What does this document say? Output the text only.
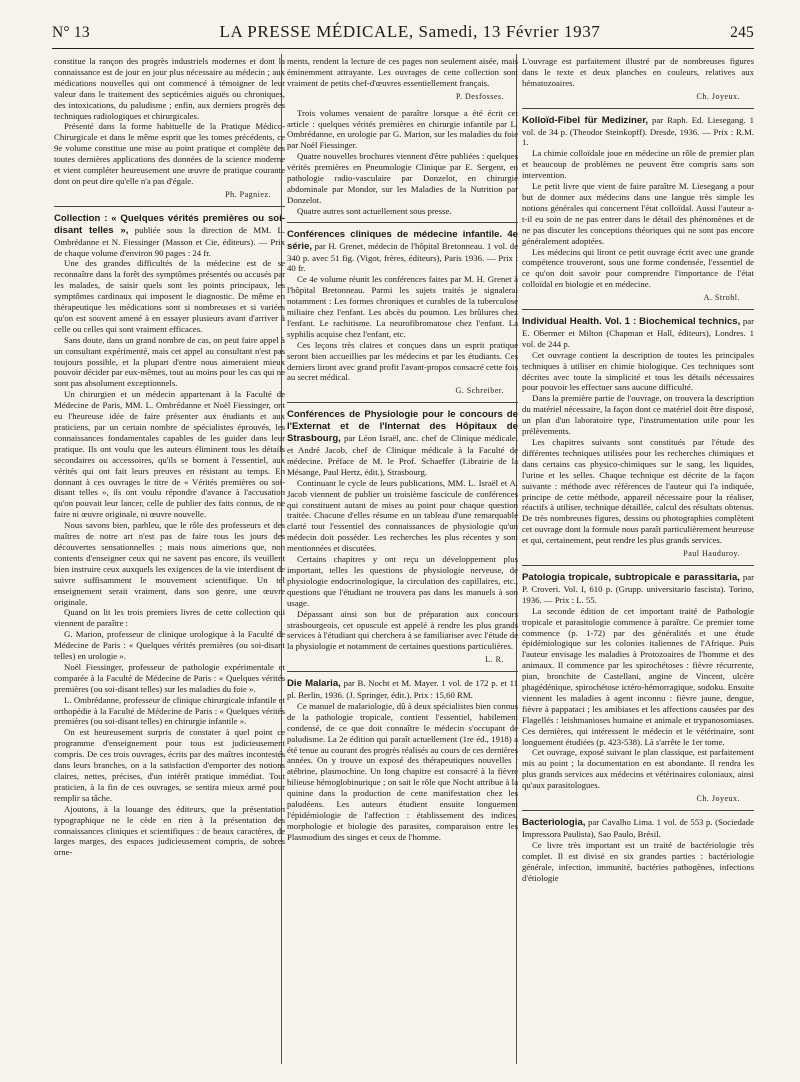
N° 13	LA PRESSE MÉDICALE, Samedi, 13 Février 1937	245

constitue la rançon des progrès industriels modernes et dont la connaissance est de jour en jour plus nécessaire au médecin ; aux médications nouvelles qui ont commencé à témoigner de leur valeur dans le traitement des septicémies aiguës ou chroniques, des intoxications, du paludisme ; enfin, aux derniers progrès des techniques radiologiques et chirurgicales.

Présenté dans la forme habituelle de la Pratique Médico-Chirurgicale et dans le même esprit que les tomes précédents, ce 9e volume constitue une mise au point pratique et complète des toutes dernières applications des données de la science moderne et vient compléter heureusement une œuvre de pratique courante dont on peut dire qu'elle n'a pas d'égale.

Ph. Pagniez.

Collection : « Quelques vérités premières ou soi-disant telles », publiée sous la direction de MM. L. Ombrédanne et N. Fiessinger (Masson et Cie, éditeurs). — Prix de chaque volume d'environ 90 pages : 24 fr.

Une des grandes difficultés de la médecine est de se reconnaître dans la forêt des symptômes présentés ou accusés par les malades, de saisir quels sont les points principaux, les symptômes cardinaux qui imposent le diagnostic. De même en thérapeutique les médications sont si nombreuses et si variées qu'on est souvent amené à en essayer plusieurs avant d'arriver à celle ou celles qui sont vraiment efficaces.

Sans doute, dans un grand nombre de cas, on peut faire appel à un consultant expérimenté, mais cet appel au consultant n'est pas toujours possible, et la plupart d'entre nous aimeraient mieux pouvoir décider par eux-mêmes, tout au moins pour les cas qui ne sont pas absolument exceptionnels.

Un chirurgien et un médecin appartenant à la Faculté de Médecine de Paris, MM. L. Ombrédanne et Noël Fiessinger, ont eu l'heureuse idée de faire présenter aux étudiants et aux praticiens, par un certain nombre de spécialistes éprouvés, les connaissances fondamentales capables de les guider dans leur pratique. Ils ont voulu que les auteurs éliminent tous les détails secondaires ou accessoires, qu'ils se bornent à l'essentiel, aux vérités qui ont fait leurs preuves en résistant au temps. En donnant à ces ouvrages le titre de « Vérités premières ou soi-disant telles », ils ont voulu répondre d'avance à l'accusation qu'on pouvait leur lancer, celle de publier des faits connus, de ne faire ni œuvre originale, ni œuvre nouvelle.

Nous savons bien, parbleu, que le rôle des professeurs et des maîtres de notre art n'est pas de faire tous les jours des découvertes sensationnelles ; mais nous aimerions que, non contents d'enseigner ceux qui ne savent pas encore, ils veuillent bien instruire ceux auxquels les exigences de la vie interdisent de suivre suffisamment le mouvement scientifique. Un tel enseignement serait vraiment, dans son genre, une œuvre originale.

Quand on lit les trois premiers livres de cette collection qui viennent de paraître :

G. Marion, professeur de clinique urologique à la Faculté de Médecine de Paris : « Quelques vérités premières (ou soi-disant telles) en urologie ».

Noël Fiessinger, professeur de pathologie expérimentale et comparée à la Faculté de Médecine de Paris : « Quelques vérités premières (ou soi-disant telles) sur les maladies du foie ».

L. Ombrédanne, professeur de clinique chirurgicale infantile et orthopédie à la Faculté de Médecine de Paris : « Quelques vérités premières (ou soi-disant telles) en chirurgie infantile ».

On est heureusement surpris de constater à quel point ce programme d'enseignement pour tous est judicieusement compris. De ces trois ouvrages, écrits par des maîtres incontestés dans leurs branches, on a la satisfaction d'emporter des notions claires, nettes, précises, d'un intérêt pratique immédiat. Tout praticien, à la fin de ces ouvrages, se sentira mieux armé pour remplir sa tâche.

Ajoutons, à la louange des éditeurs, que la présentation typographique ne le cède en rien à la présentation des connaissances cliniques et scientifiques : de beaux caractères, de larges marges, des espaces judicieusement compris, de sobres orne-

ments, rendent la lecture de ces pages non seulement aisée, mais éminemment attrayante. Les ouvrages de cette collection sont vraiment de petits chef-d'œuvres essentiellement français.

P. Desfosses.

Trois volumes venaient de paraître lorsque a été écrit cet article : quelques vérités premières en chirurgie infantile par L. Ombrédanne, en urologie par G. Marion, sur les maladies du foie par Noël Fiessinger.

Quatre nouvelles brochures viennent d'être publiées : quelques vérités premières en Pneumologie Clinique par E. Sergent, en pathologie radio-vasculaire par Donzelot, en chirurgie abdominale par Mondor, sur les Maladies de la Nutrition par Donzelot.

Quatre autres sont actuellement sous presse.

Conférences cliniques de médecine infantile. 4e série, par H. Grenet, médecin de l'hôpital Bretonneau. 1 vol. de 340 p. avec 51 fig. (Vigot, frères, éditeurs), Paris 1936. — Prix : 40 fr.

Ce 4e volume réunit les conférences faites par M. H. Grenet à l'hôpital Bretonneau. Parmi les sujets traités je signalerai notamment : Les formes chroniques et curables de la tuberculose miliaire chez l'enfant. Les abcès du poumon. Les brûlures chez l'enfant. Le rachitisme. La neurofibromatose chez l'enfant. La syphilis acquise chez l'enfant, etc.

Ces leçons très claires et conçues dans un esprit pratique seront bien accueillies par les médecins et par les étudiants. Ces derniers liront avec grand profit l'avant-propos consacré cette fois au secret médical.

G. Schreiber.

Conférences de Physiologie pour le concours de l'Externat et de l'Internat des Hôpitaux de Strasbourg, par Léon Israël, anc. chef de Clinique médicale, et André Jacob, chef de Clinique médicale à la Faculté de médecine. Préface de M. le Prof. Schaeffer (Librairie de la Mésange, Paul Hertz, édit.), Strasbourg.

Continuant le cycle de leurs publications, MM. L. Israël et A. Jacob viennent de publier un troisième fascicule de conférences qui constituent autant de mises au point pour chaque question traitée. Chacune d'elles résume en un tableau d'une remarquable clarté tout l'essentiel des connaissances de physiologie qu'un médecin doit posséder. Les recherches les plus récentes y sont mentionnées et discutées.

Certains chapitres y ont reçu un développement plus important, telles les questions de physiologie nerveuse, de physiologie endocrinologique, la circulation des capillaires, etc., questions que l'étudiant ne trouvera pas dans les manuels à son usage.

Dépassant ainsi son but de préparation aux concours strasbourgeois, cet opuscule est appelé à rendre les plus grands services à l'étudiant qui cherchera à se familiariser avec l'étude de la physiologie et notamment de certaines questions particulières.

L. R.

Die Malaria, par B. Nocht et M. Mayer. 1 vol. de 172 p. et 11 pl. Berlin, 1936. (J. Springer, édit.). Prix : 15,60 RM.

Ce manuel de malariologie, dû à deux spécialistes bien connus de la pathologie tropicale, contient l'essentiel, habilement condensé, de ce que doit connaître le médecin s'occupant de paludisme. La 2e édition qui paraît actuellement (1re éd., 1918) a été tenue au courant des progrès réalisés au cours de ces dernières années. On y trouve un exposé des thérapeutiques nouvelles : atébrine, plasmochine. Un long chapitre est consacré à la fièvre bilieuse hémoglobinurique ; on sait le rôle que Nocht attribue à la quinine dans la production de cette manifestation chez les paludéens. Les auteurs étudient ensuite longuement l'épidémiologie de l'affection : établissement des indices, morphologie et biologie des parasites, comparaison entre les Plasmodium des singes et ceux de l'homme.

L'ouvrage est parfaitement illustré par de nombreuses figures dans le texte et deux planches en couleurs, relatives aux hématozoaires.

Ch. Joyeux.

Kolloïd-Fibel für Mediziner, par Raph. Ed. Liesegang. 1 vol. de 34 p. (Theodor Steinkopff). Dresde, 1936. — Prix : R.M. 1.

La chimie colloïdale joue en médecine un rôle de premier plan et beaucoup de problèmes ne peuvent être compris sans son intervention.

Le petit livre que vient de faire paraître M. Liesegang a pour but de donner aux médecins dans une langue très simple les notions générales qui concernent l'état colloïdal. Aussi l'auteur a-t-il eu soin de ne pas entrer dans le détail des phénomènes et de ne pas discuter les conceptions théoriques qui ne sont pas encore généralement adoptées.

Les médecins qui liront ce petit ouvrage écrit avec une grande compétence trouveront, sous une forme condensée, l'essentiel de ce qu'on doit savoir pour comprendre l'importance de l'état colloïdal en biologie et en médecine.

A. Strohl.

Individual Health. Vol. 1 : Biochemical technics, par E. Obermer et Milton (Chapman et Hall, éditeurs), Londres. 1 vol. de 244 p.

Cet ouvrage contient la description de toutes les principales techniques à utiliser en chimie biologique. Ces techniques sont décrites avec toute la simplicité et tous les détails nécessaires pour pouvoir les effectuer sans aucune difficulté.

Dans la première partie de l'ouvrage, on trouvera la description du matériel nécessaire, la façon dont ce matériel doit être disposé, un plan d'un laboratoire type, l'instrumentation utile pour les prélèvements.

Les chapitres suivants sont constitués par l'étude des différentes techniques utilisées pour les recherches chimiques et dans certains cas physico-chimiques sur le sang, les liquides, l'urine et les selles. Chaque technique est décrite de la façon suivante : méthode avec références de l'auteur qui l'a indiquée, principe de cette méthode, appareil nécessaire pour la réaliser, réactifs à utiliser, technique détaillée, calcul des résultats obtenus. De très nombreuses figures, dessins ou photographies complètent cet ouvrage dont la formule nous paraît particulièrement heureuse et qui, certainement, peut rendre les plus grands services.

Paul Hauduroy.

Patologia tropicale, subtropicale e parassitaria, par P. Croveri. Vol. I, 610 p. (Grupp. universitario fascista). Torino, 1936. — Prix : L. 55.

La seconde édition de cet important traité de Pathologie tropicale et parasitologie commence à paraître. Ce premier tome commence (p. 1-72) par des généralités et une étude épidémiologique sur les colonies italiennes de l'Afrique. Puis l'auteur envisage les maladies à Protozoaires de l'homme et des animaux. Il commence par les spirochétoses : fièvre récurrente, pian, bronchite de Castellani, angine de Vincent, ulcère phagédénique, spirochétose ictéro-hémorragique, sodoku. Ensuite viennent les maladies à agent inconnu : fièvre jaune, dengue, fièvre à pappataci ; les amibiases et les affections causées par des Flagellés : leishmanioses humaine et animale et trypanosomiases. Ces dernières, qui intéressent le médecin et le vétérinaire, sont longuement étudiées (p. 423-538). Là s'arrête le 1er tome.

Cet ouvrage, exposé suivant le plan classique, est parfaitement mis au point ; la documentation en est abondante. Il rendra les plus grands services aux médecins et vétérinaires coloniaux, ainsi qu'aux parasitologues.

Ch. Joyeux.

Bacteriologia, par Cavalho Lima. 1 vol. de 553 p. (Sociedade Impressora Paulista), Sao Paulo, Brésil.

Ce livre très important est un traité de bactériologie très complet. Il est divisé en six grandes parties : bactériologie générale, infection, immunité, bactéries pathogènes, infections d'étiologie
